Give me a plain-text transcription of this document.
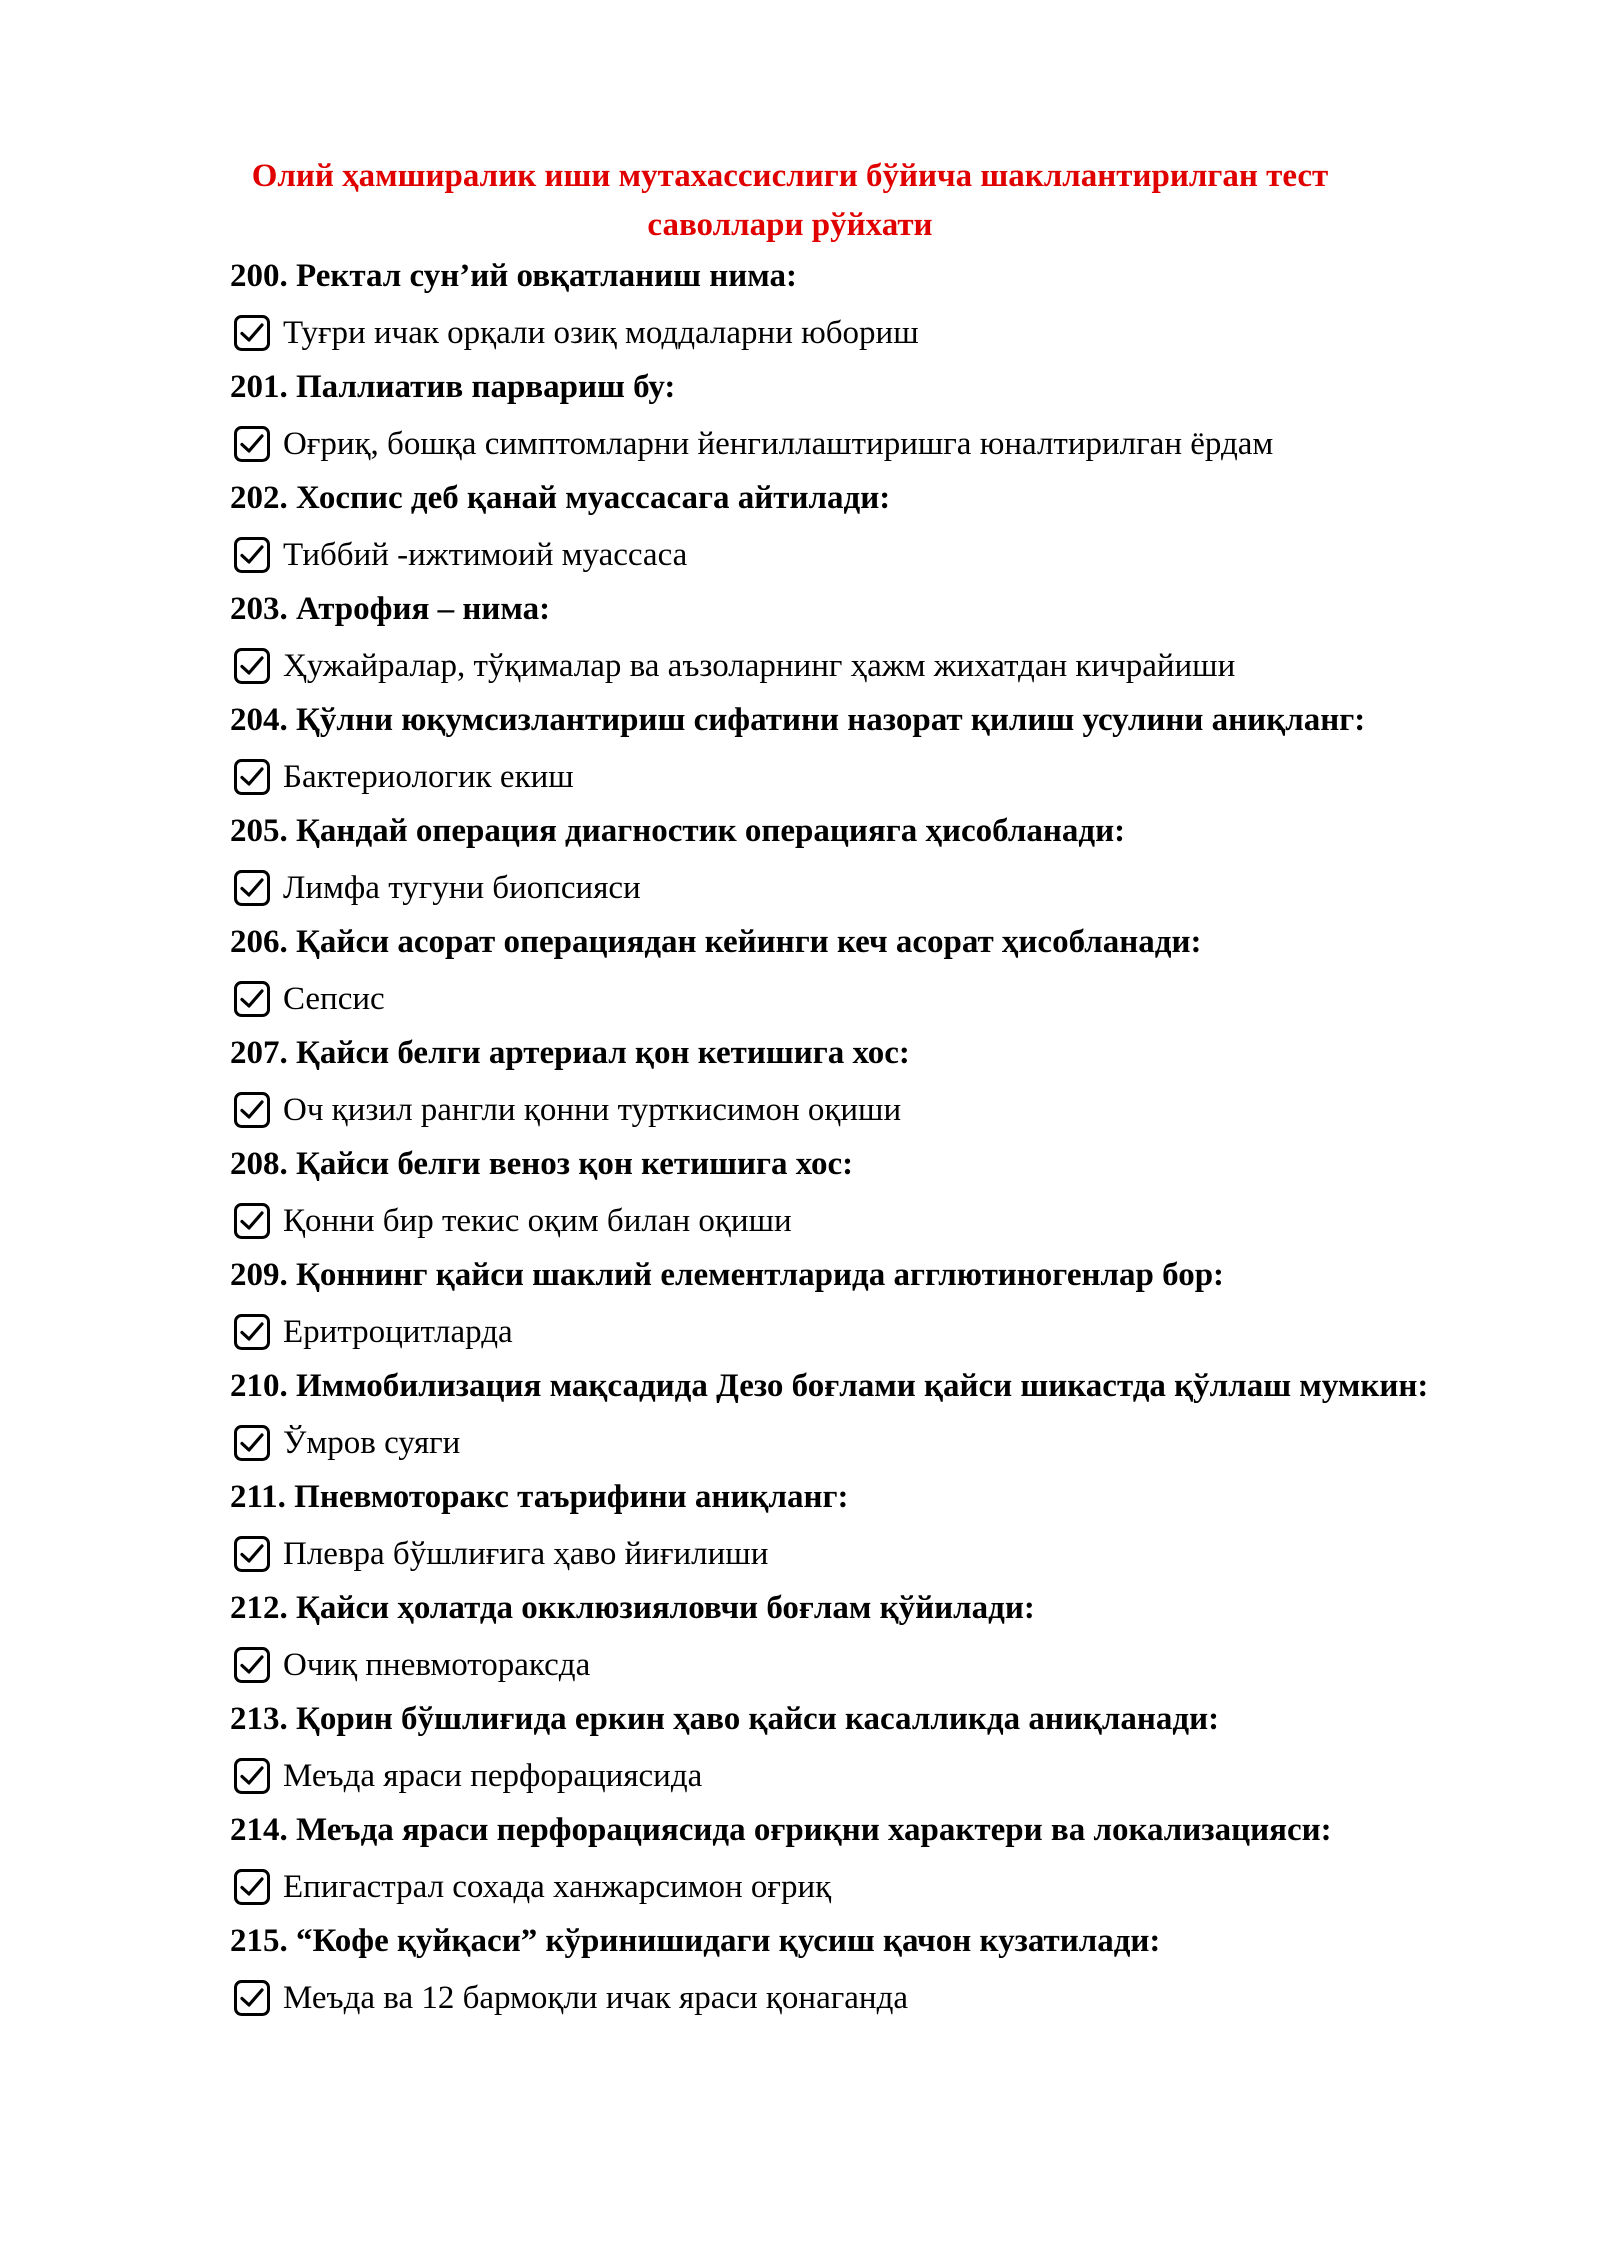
Олий ҳамширалик иши мутахассислиги бўйича шакллантирилган тест саволлари рўйхати
200. Ректал сун’ий овқатланиш нима:
Туғри ичак орқали озиқ моддаларни юбориш
201. Паллиатив парвариш бу:
Оғриқ, бошқа симптомларни йенгиллаштиришга юналтирилган ёрдам
202. Хоспис деб қанай муассасага айтилади:
Тиббий -ижтимоий муассаса
203. Атрофия – нима:
Ҳужайралар, тўқималар ва аъзоларнинг ҳажм жихатдан кичрайиши
204. Қўлни юқумсизлантириш сифатини назорат қилиш усулини аниқланг:
Бактериологик екиш
205. Қандай операция диагностик операцияга ҳисобланади:
Лимфа тугуни биопсияси
206. Қайси асорат операциядан кейинги кеч асорат ҳисобланади:
Сепсис
207. Қайси белги артериал қон кетишига хос:
Оч қизил рангли қонни турткисимон оқиши
208. Қайси белги веноз қон кетишига хос:
Қонни бир текис оқим билан оқиши
209. Қоннинг қайси шаклий елементларида агглютиногенлар бор:
Еритроцитларда
210. Иммобилизация мақсадида Дезо боғлами қайси шикастда қўллаш мумкин:
Ўмров суяги
211. Пневмоторакс таърифини аниқланг:
Плевра бўшлиғига ҳаво йиғилиши
212. Қайси ҳолатда окклюзияловчи боғлам қўйилади:
Очиқ пневмотораксда
213. Қорин бўшлиғида еркин ҳаво қайси касалликда аниқланади:
Меъда яраси перфорациясида
214. Меъда яраси перфорациясида оғриқни характери ва локализацияси:
Епигастрал сохада ханжарсимон оғриқ
215. “Кофе қуйқаси” кўринишидаги қусиш қачон кузатилади:
Меъда ва 12 бармоқли ичак яраси қонаганда
